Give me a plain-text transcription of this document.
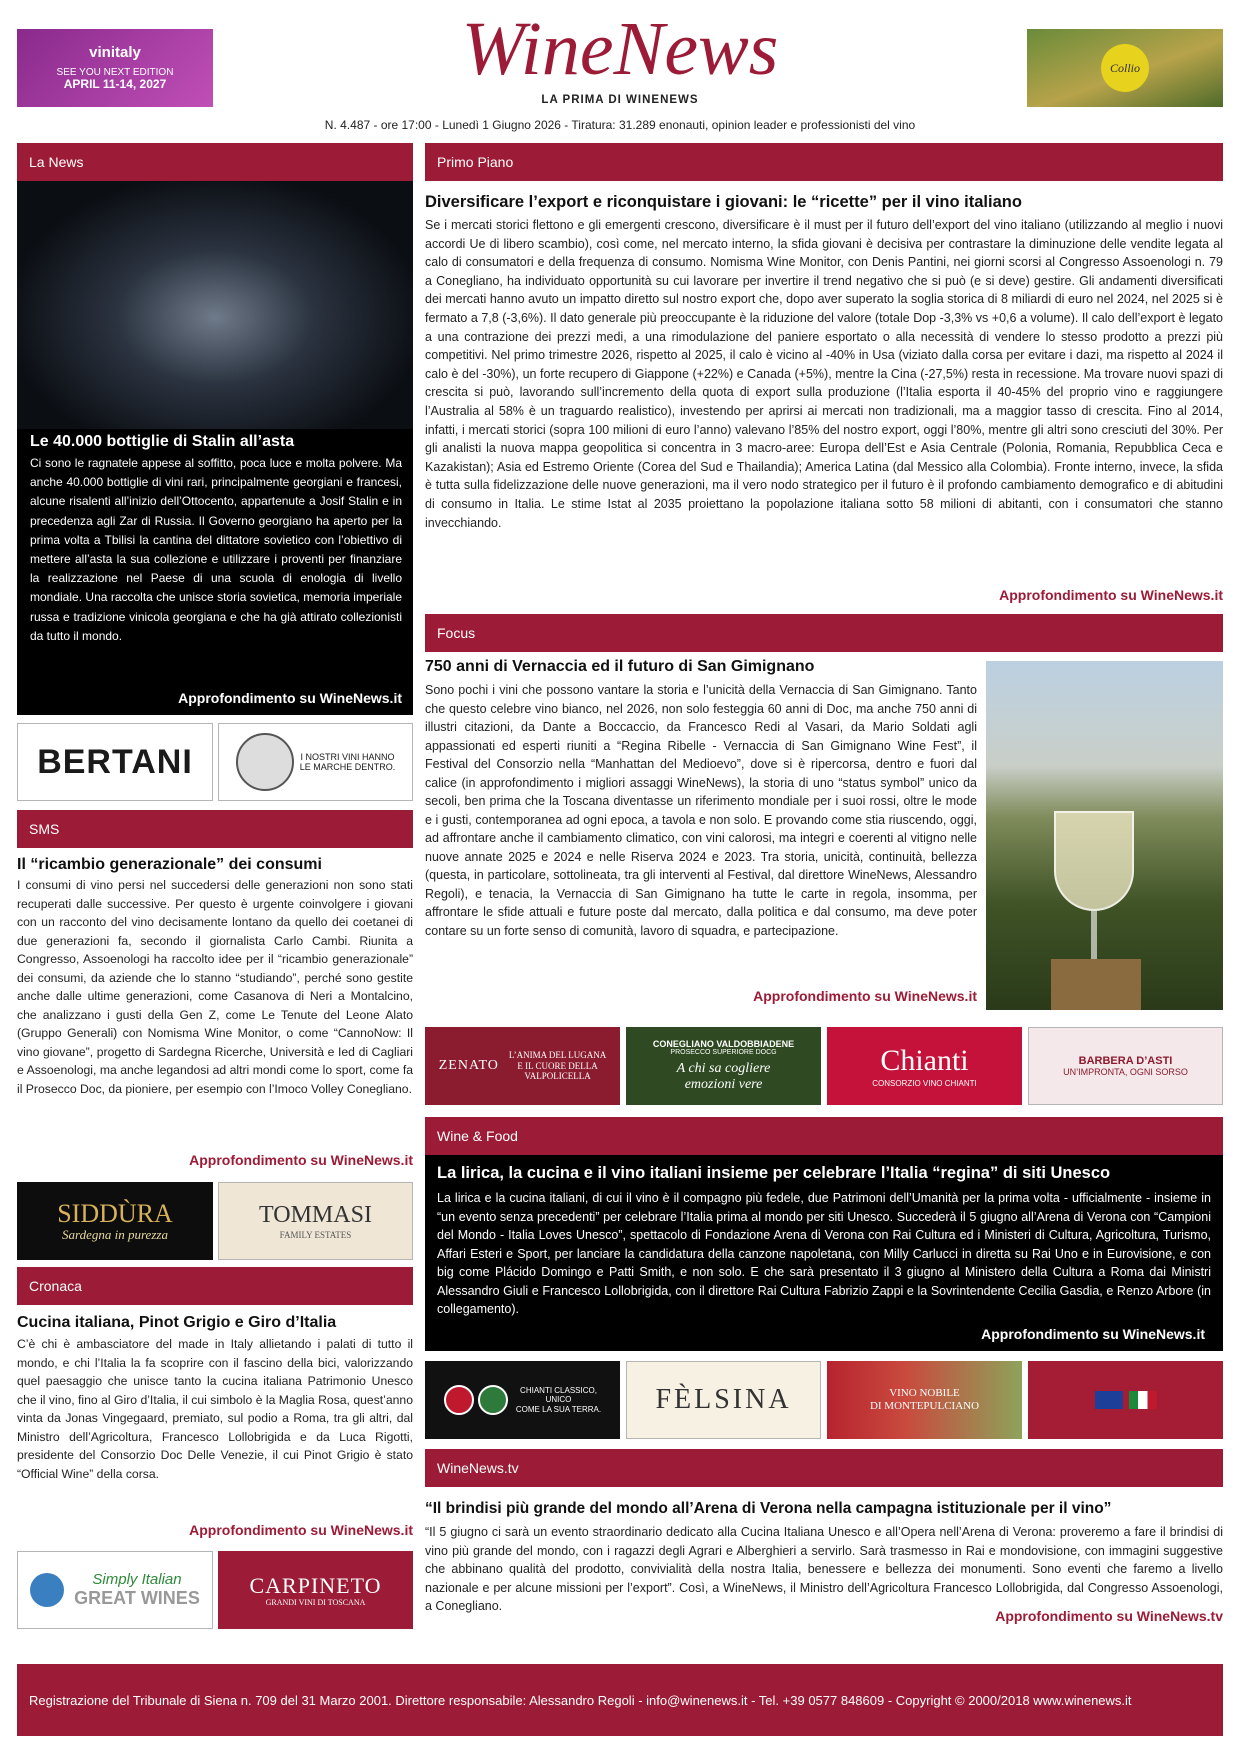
vinitaly
SEE YOU NEXT EDITION
APRIL 11-14, 2027	WineNews
LA PRIMA DI WINENEWS
N. 4.487 - ore 17:00 - Lunedì 1 Giugno 2026 - Tiratura: 31.289 enonauti, opinion leader e professionisti del vino
Collio
La News
Le 40.000 bottiglie di Stalin all’asta
Ci sono le ragnatele appese al soffitto, poca luce e molta polvere. Ma anche 40.000 bottiglie di vini rari, principalmente georgiani e francesi, alcune risalenti all’inizio dell’Ottocento, appartenute a Josif Stalin e in precedenza agli Zar di Russia. Il Governo georgiano ha aperto per la prima volta a Tbilisi la cantina del dittatore sovietico con l’obiettivo di mettere all’asta la sua collezione e utilizzare i proventi per finanziare la realizzazione nel Paese di una scuola di enologia di livello mondiale. Una raccolta che unisce storia sovietica, memoria imperiale russa e tradizione vinicola georgiana e che ha già attirato collezionisti da tutto il mondo.
Approfondimento su WineNews.it
BERTANI	I NOSTRI VINI HANNO
LE MARCHE DENTRO.
SMS
Il “ricambio generazionale” dei consumi
I consumi di vino persi nel succedersi delle generazioni non sono stati recuperati dalle successive. Per questo è urgente coinvolgere i giovani con un racconto del vino decisamente lontano da quello dei coetanei di due generazioni fa, secondo il giornalista Carlo Cambi. Riunita a Congresso, Assoenologi ha raccolto idee per il “ricambio generazionale” dei consumi, da aziende che lo stanno “studiando”, perché sono gestite anche dalle ultime generazioni, come Casanova di Neri a Montalcino, che analizzano i gusti della Gen Z, come Le Tenute del Leone Alato (Gruppo Generali) con Nomisma Wine Monitor, o come “CannoNow: Il vino giovane”, progetto di Sardegna Ricerche, Università e Ied di Cagliari e Assoenologi, ma anche legandosi ad altri mondi come lo sport, come fa il Prosecco Doc, da pioniere, per esempio con l’Imoco Volley Conegliano.
Approfondimento su WineNews.it
SIDDÙRA
Sardegna in purezza
TOMMASI
FAMILY ESTATES
Cronaca
Cucina italiana, Pinot Grigio e Giro d’Italia
C’è chi è ambasciatore del made in Italy allietando i palati di tutto il mondo, e chi l’Italia la fa scoprire con il fascino della bici, valorizzando quel paesaggio che unisce tanto la cucina italiana Patrimonio Unesco che il vino, fino al Giro d’Italia, il cui simbolo è la Maglia Rosa, quest’anno vinta da Jonas Vingegaard, premiato, sul podio a Roma, tra gli altri, dal Ministro dell’Agricoltura, Francesco Lollobrigida e da Luca Rigotti, presidente del Consorzio Doc Delle Venezie, il cui Pinot Grigio è stato “Official Wine” della corsa.
Approfondimento su WineNews.it
Simply Italian
GREAT WINES
CARPINETO
GRANDI VINI DI TOSCANA
Primo Piano
Diversificare l’export e riconquistare i giovani: le “ricette” per il vino italiano
Se i mercati storici flettono e gli emergenti crescono, diversificare è il must per il futuro dell’export del vino italiano (utilizzando al meglio i nuovi accordi Ue di libero scambio), così come, nel mercato interno, la sfida giovani è decisiva per contrastare la diminuzione delle vendite legata al calo di consumatori e della frequenza di consumo. Nomisma Wine Monitor, con Denis Pantini, nei giorni scorsi al Congresso Assoenologi n. 79 a Conegliano, ha individuato opportunità su cui lavorare per invertire il trend negativo che si può (e si deve) gestire. Gli andamenti diversificati dei mercati hanno avuto un impatto diretto sul nostro export che, dopo aver superato la soglia storica di 8 miliardi di euro nel 2024, nel 2025 si è fermato a 7,8 (-3,6%). Il dato generale più preoccupante è la riduzione del valore (totale Dop -3,3% vs +0,6 a volume). Il calo dell’export è legato a una contrazione dei prezzi medi, a una rimodulazione del paniere esportato o alla necessità di vendere lo stesso prodotto a prezzi più competitivi. Nel primo trimestre 2026, rispetto al 2025, il calo è vicino al -40% in Usa (viziato dalla corsa per evitare i dazi, ma rispetto al 2024 il calo è del -30%), un forte recupero di Giappone (+22%) e Canada (+5%), mentre la Cina (-27,5%) resta in recessione. Ma trovare nuovi spazi di crescita si può, lavorando sull’incremento della quota di export sulla produzione (l’Italia esporta il 40-45% del proprio vino e raggiungere l’Australia al 58% è un traguardo realistico), investendo per aprirsi ai mercati non tradizionali, ma a maggior tasso di crescita. Fino al 2014, infatti, i mercati storici (sopra 100 milioni di euro l’anno) valevano l’85% del nostro export, oggi l’80%, mentre gli altri sono cresciuti del 30%. Per gli analisti la nuova mappa geopolitica si concentra in 3 macro-aree: Europa dell’Est e Asia Centrale (Polonia, Romania, Repubblica Ceca e Kazakistan); Asia ed Estremo Oriente (Corea del Sud e Thailandia); America Latina (dal Messico alla Colombia). Fronte interno, invece, la sfida è tutta sulla fidelizzazione delle nuove generazioni, ma il vero nodo strategico per il futuro è il profondo cambiamento demografico e di abitudini di consumo in Italia. Le stime Istat al 2035 proiettano la popolazione italiana sotto 58 milioni di abitanti, con i consumatori che stanno invecchiando.
Approfondimento su WineNews.it
Focus
750 anni di Vernaccia ed il futuro di San Gimignano
Sono pochi i vini che possono vantare la storia e l’unicità della Vernaccia di San Gimignano. Tanto che questo celebre vino bianco, nel 2026, non solo festeggia 60 anni di Doc, ma anche 750 anni di illustri citazioni, da Dante a Boccaccio, da Francesco Redi al Vasari, da Mario Soldati agli appassionati ed esperti riuniti a “Regina Ribelle - Vernaccia di San Gimignano Wine Fest”, il Festival del Consorzio nella “Manhattan del Medioevo”, dove si è ripercorsa, dentro e fuori dal calice (in approfondimento i migliori assaggi WineNews), la storia di uno “status symbol” unico da secoli, ben prima che la Toscana diventasse un riferimento mondiale per i suoi rossi, oltre le mode e i gusti, contemporanea ad ogni epoca, a tavola e non solo. E provando come stia riuscendo, oggi, ad affrontare anche il cambiamento climatico, con vini calorosi, ma integri e coerenti al vitigno nelle nuove annate 2025 e 2024 e nelle Riserva 2024 e 2023. Tra storia, unicità, continuità, bellezza (questa, in particolare, sottolineata, tra gli interventi al Festival, dal direttore WineNews, Alessandro Regoli), e tenacia, la Vernaccia di San Gimignano ha tutte le carte in regola, insomma, per affrontare le sfide attuali e future poste dal mercato, dalla politica e dal consumo, ma deve poter contare su un forte senso di comunità, lavoro di squadra, e partecipazione.
Approfondimento su WineNews.it
ZENATO
L’ANIMA DEL LUGANA
E IL CUORE DELLA
VALPOLICELLA
CONEGLIANO VALDOBBIADENE
PROSECCO SUPERIORE DOCG
A chi sa cogliere
emozioni vere
Chianti
CONSORZIO VINO CHIANTI
BARBERA D’ASTI
UN’IMPRONTA, OGNI SORSO
Wine & Food
La lirica, la cucina e il vino italiani insieme per celebrare l’Italia “regina” di siti Unesco
La lirica e la cucina italiani, di cui il vino è il compagno più fedele, due Patrimoni dell’Umanità per la prima volta - ufficialmente - insieme in “un evento senza precedenti” per celebrare l’Italia prima al mondo per siti Unesco. Succederà il 5 giugno all’Arena di Verona con “Campioni del Mondo - Italia Loves Unesco”, spettacolo di Fondazione Arena di Verona con Rai Cultura ed i Ministeri di Cultura, Agricoltura, Turismo, Affari Esteri e Sport, per lanciare la candidatura della canzone napoletana, con Milly Carlucci in diretta su Rai Uno e in Eurovisione, e con big come Plácido Domingo e Patti Smith, e non solo. E che sarà presentato il 3 giugno al Ministero della Cultura a Roma dai Ministri Alessandro Giuli e Francesco Lollobrigida, con il direttore Rai Cultura Fabrizio Zappi e la Sovrintendente Cecilia Gasdia, e Renzo Arbore (in collegamento).
Approfondimento su WineNews.it
CHIANTI CLASSICO,
UNICO
COME LA SUA TERRA. FÈLSINA	VINO NOBILE
DI MONTEPULCIANO
WineNews.tv
“Il brindisi più grande del mondo all’Arena di Verona nella campagna istituzionale per il vino”
“Il 5 giugno ci sarà un evento straordinario dedicato alla Cucina Italiana Unesco e all’Opera nell’Arena di Verona: proveremo a fare il brindisi di vino più grande del mondo, con i ragazzi degli Agrari e Alberghieri a servirlo. Sarà trasmesso in Rai e mondovisione, con immagini suggestive che abbinano qualità del prodotto, convivialità della nostra Italia, benessere e bellezza dei monumenti. Sono eventi che faremo a livello nazionale e per alcune missioni per l’export”. Così, a WineNews, il Ministro dell’Agricoltura Francesco Lollobrigida, dal Congresso Assoenologi, a Conegliano.
Approfondimento su WineNews.tv
Registrazione del Tribunale di Siena n. 709 del 31 Marzo 2001. Direttore responsabile: Alessandro Regoli - info@winenews.it - Tel. +39 0577 848609 - Copyright © 2000/2018 www.winenews.it
